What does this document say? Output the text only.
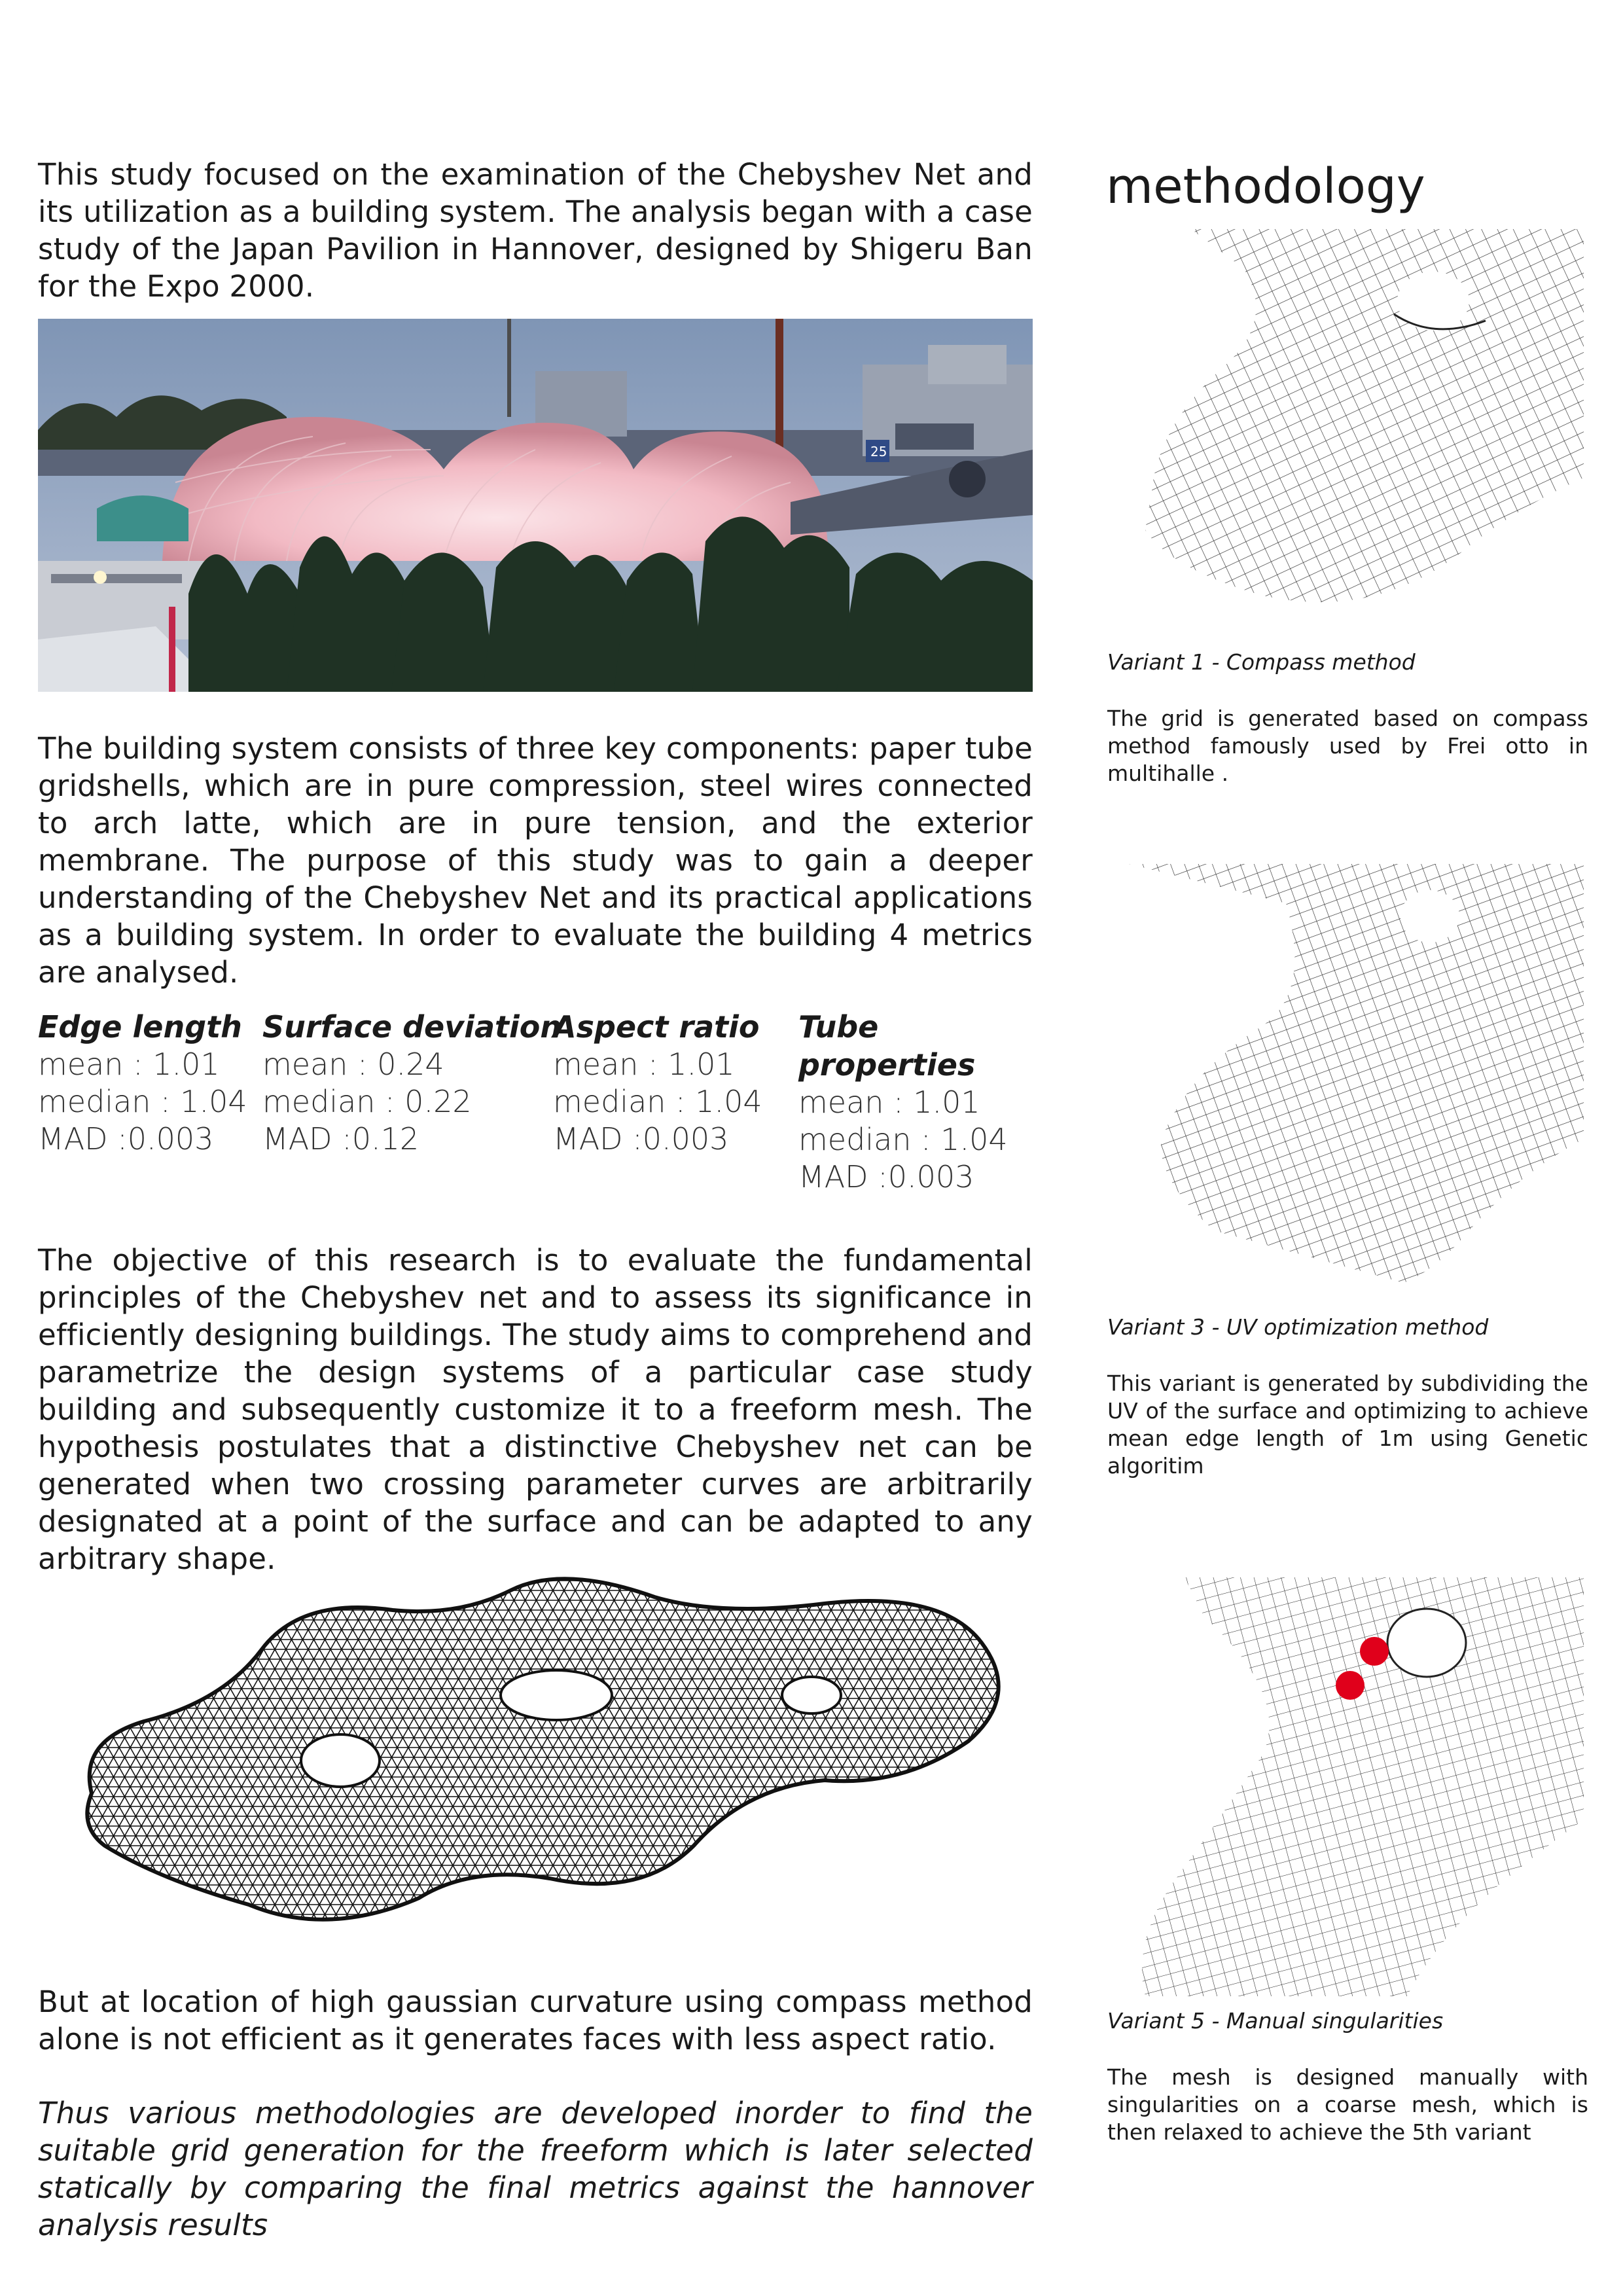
This study focused on the examination of the Chebyshev Net and its utilization as a building system. The analysis began with a case study of the Japan Pavilion in Hannover, designed by Shigeru Ban for the Expo 2000.

25

The building system consists of three key components: paper tube gridshells, which are in pure compression, steel wires connected to arch latte, which are in pure tension, and the exterior membrane. The purpose of this study was to gain a deeper understanding of the Chebyshev Net and its practical applications as a building system. In order to evaluate the building 4 metrics are analysed.

Edge length
mean : 1.01
median : 1.04
MAD :0.003
Surface deviation
mean : 0.24
median : 0.22
MAD :0.12
Aspect ratio
mean : 1.01
median : 1.04
MAD :0.003
Tube properties
mean : 1.01
median : 1.04
MAD :0.003

The objective of this research is to evaluate the fundamental principles of the Chebyshev net and to assess its significance in efficiently designing buildings. The study aims to comprehend and parametrize the design systems of a particular case study building and subsequently customize it to a freeform mesh. The hypothesis postulates that a distinctive Chebyshev net can be generated when two crossing parameter curves are arbitrarily designated at a point of the surface and can be adapted to any arbitrary shape.

But at location of high gaussian curvature using compass method alone is not efficient as it generates faces with less aspect ratio.

Thus various methodologies are developed inorder to find the suitable grid generation for the freeform which is later selected statically by comparing the final metrics against the hannover analysis results

methodology
Variant 1 - Compass method
The grid is generated based on compass method famously used by Frei otto in multihalle .
Variant 3 - UV optimization method
This variant is generated by subdividing the UV of the surface and optimizing to achieve mean edge length of 1m using Genetic algoritim
Variant 5 - Manual singularities
The mesh is designed manually with singularities on a coarse mesh, which is then relaxed to achieve the 5th variant
